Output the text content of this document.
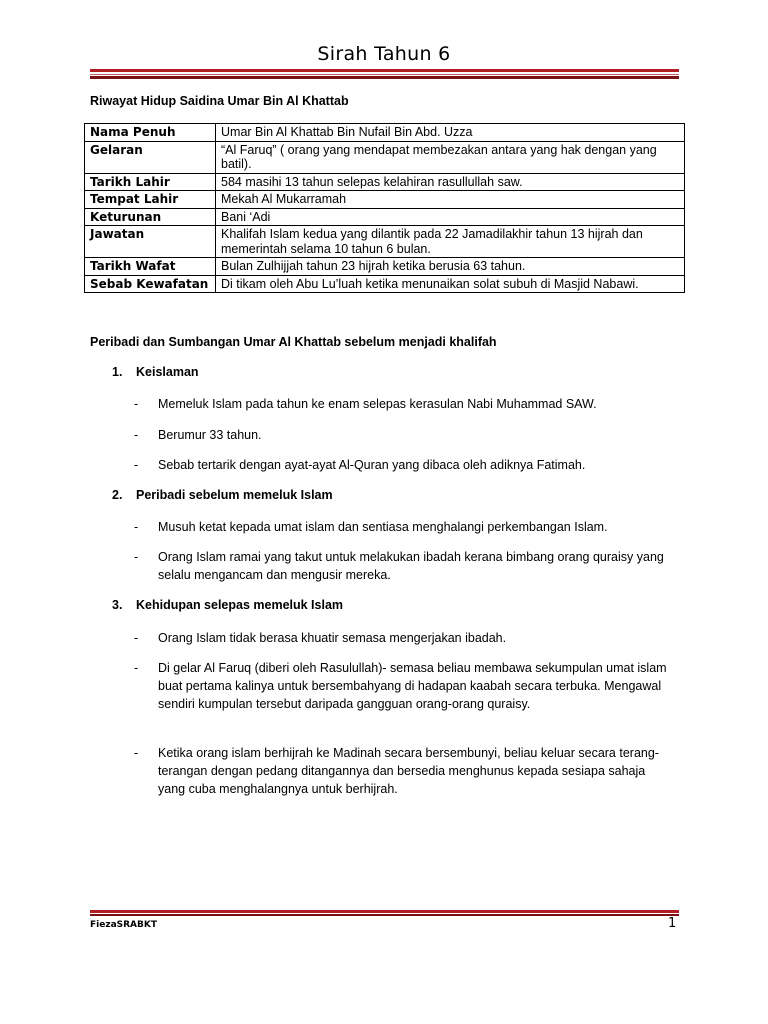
Sirah Tahun 6
Riwayat Hidup Saidina Umar Bin Al Khattab
Nama Penuh	Umar Bin Al Khattab Bin Nufail Bin Abd. Uzza
Gelaran	“Al Faruq” ( orang yang mendapat membezakan antara yang hak dengan yang batil).
Tarikh Lahir	584 masihi 13 tahun selepas kelahiran rasullullah saw.
Tempat Lahir	Mekah Al Mukarramah
Keturunan	Bani ‘Adi
Jawatan	Khalifah Islam kedua yang dilantik pada 22 Jamadilakhir tahun 13 hijrah dan memerintah selama 10 tahun 6 bulan.
Tarikh Wafat	Bulan Zulhijjah tahun 23 hijrah ketika berusia 63 tahun.
Sebab Kewafatan	Di tikam oleh Abu Lu’luah ketika menunaikan solat subuh di Masjid Nabawi.
Peribadi dan Sumbangan Umar Al Khattab sebelum menjadi khalifah
1. Keislaman
- Memeluk Islam pada tahun ke enam selepas kerasulan Nabi Muhammad SAW.
- Berumur 33 tahun.
- Sebab tertarik dengan ayat-ayat Al-Quran yang dibaca oleh adiknya Fatimah.
2. Peribadi sebelum memeluk Islam
- Musuh ketat kepada umat islam dan sentiasa menghalangi perkembangan Islam.
- Orang Islam ramai yang takut untuk melakukan ibadah kerana bimbang orang quraisy yang selalu mengancam dan mengusir mereka.
3. Kehidupan selepas memeluk Islam
- Orang Islam tidak berasa khuatir semasa mengerjakan ibadah.
- Di gelar Al Faruq (diberi oleh Rasulullah)- semasa beliau membawa sekumpulan umat islam buat pertama kalinya untuk bersembahyang di hadapan kaabah secara terbuka. Mengawal sendiri kumpulan tersebut daripada gangguan orang-orang quraisy.
- Ketika orang islam berhijrah ke Madinah secara bersembunyi, beliau keluar secara terang-terangan dengan pedang ditangannya dan bersedia menghunus kepada sesiapa sahaja yang cuba menghalangnya untuk berhijrah.
FiezaSRABKT	1
